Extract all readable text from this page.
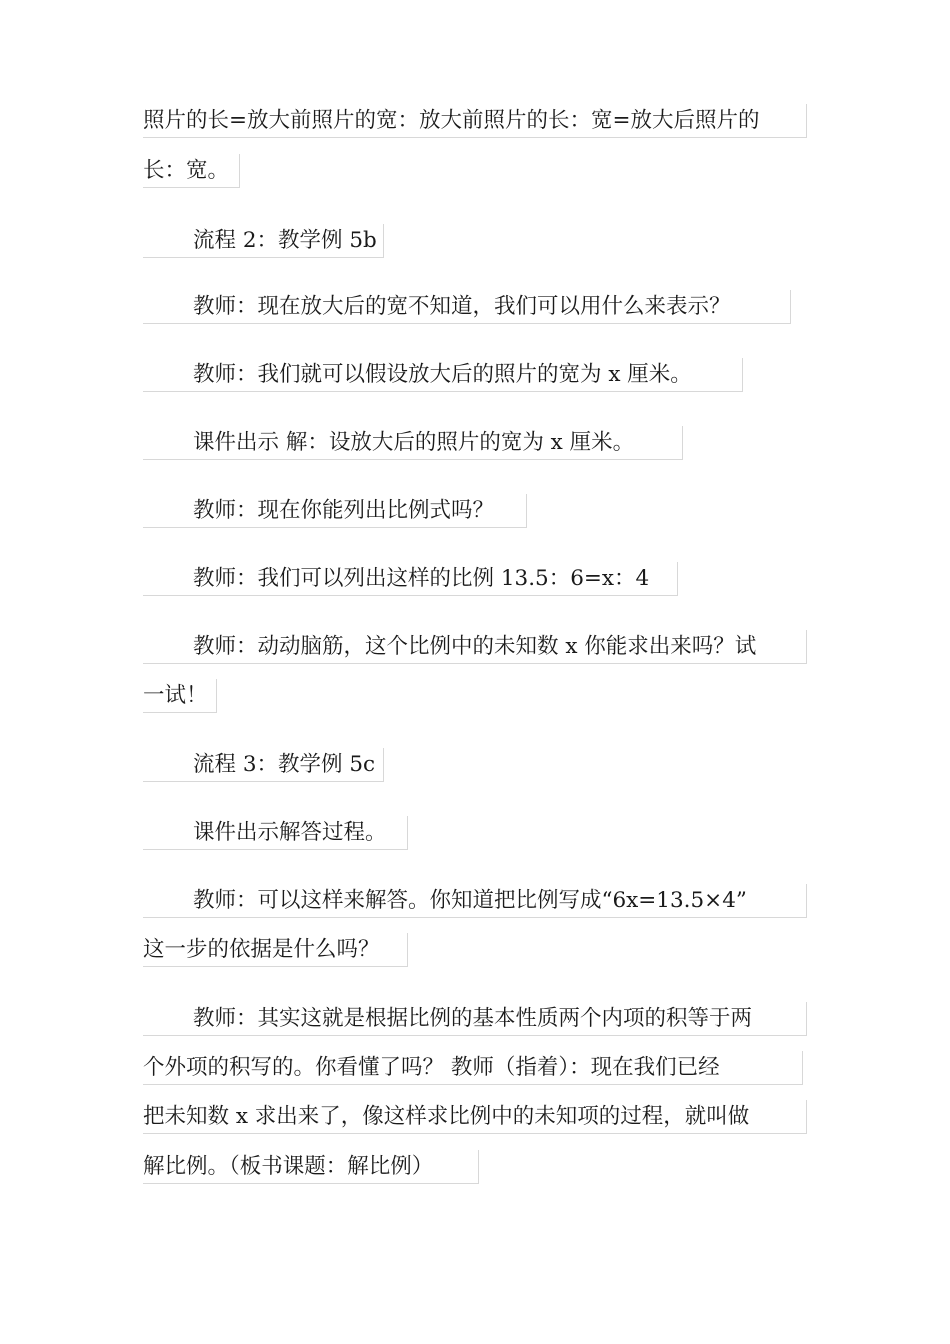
照片的长=放大前照片的宽：放大前照片的长：宽=放大后照片的
长：宽。
流程 2：教学例 5b
教师：现在放大后的宽不知道，我们可以用什么来表示？
教师：我们就可以假设放大后的照片的宽为 x 厘米。
课件出示 解：设放大后的照片的宽为 x 厘米。
教师：现在你能列出比例式吗？
教师：我们可以列出这样的比例 13.5：6=x：4
教师：动动脑筋，这个比例中的未知数 x 你能求出来吗？试
一试！
流程 3：教学例 5c
课件出示解答过程。
教师：可以这样来解答。你知道把比例写成“6x=13.5×4”
这一步的依据是什么吗？
教师：其实这就是根据比例的基本性质两个内项的积等于两
个外项的积写的。你看懂了吗？ 教师（指着）：现在我们已经
把未知数 x 求出来了，像这样求比例中的未知项的过程，就叫做
解比例。（板书课题：解比例）
